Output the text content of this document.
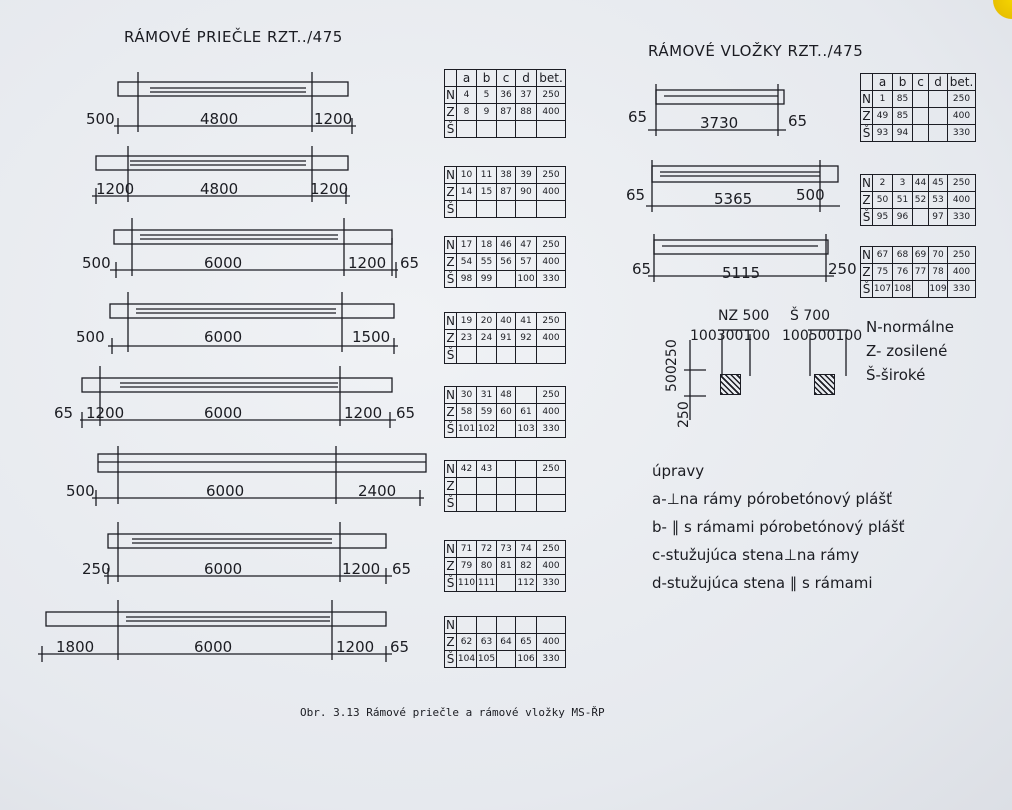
RÁMOVÉ PRIEČLE RZT../475
RÁMOVÉ VLOŽKY RZT../475
500	4800	1200
1200	4800	1200
500	6000	1200 65
500	6000	1500
65 1200	6000	1200 65
500	6000	2400
250	6000	1200 65
1800	6000	1200 65
65	3730	65
65	5365	500
65	5115	250
NZ 500
100300100
Š 700
100500100
250
500
250
N-normálne
Z- zosilené
Š-široké
úpravy
a-⊥na rámy pórobetónový plášť
b- ∥ s rámami pórobetónový plášť
c-stužujúca stena⊥na rámy
d-stužujúca stena ∥ s rámami
Obr. 3.13 Rámové priečle a rámové vložky MS-ŘP
	a	b	c	d	bet.
N	4	5	36	37	250
Z	8	9	87	88	400
Š					
N	10	11	38	39	250
Z	14	15	87	90	400
Š					
N	17	18	46	47	250
Z	54	55	56	57	400
Š	98	99		100	330
N	19	20	40	41	250
Z	23	24	91	92	400
Š					
N	30	31	48		250
Z	58	59	60	61	400
Š	101	102		103	330
N	42	43			250
Z					
Š					
N	71	72	73	74	250
Z	79	80	81	82	400
Š	110	111		112	330
N					
Z	62	63	64	65	400
Š	104	105		106	330
	a	b	c	d	bet.
N	1	85			250
Z	49	85			400
Š	93	94			330
N	2	3	44	45	250
Z	50	51	52	53	400
Š	95	96		97	330
N	67	68	69	70	250
Z	75	76	77	78	400
Š	107	108		109	330
